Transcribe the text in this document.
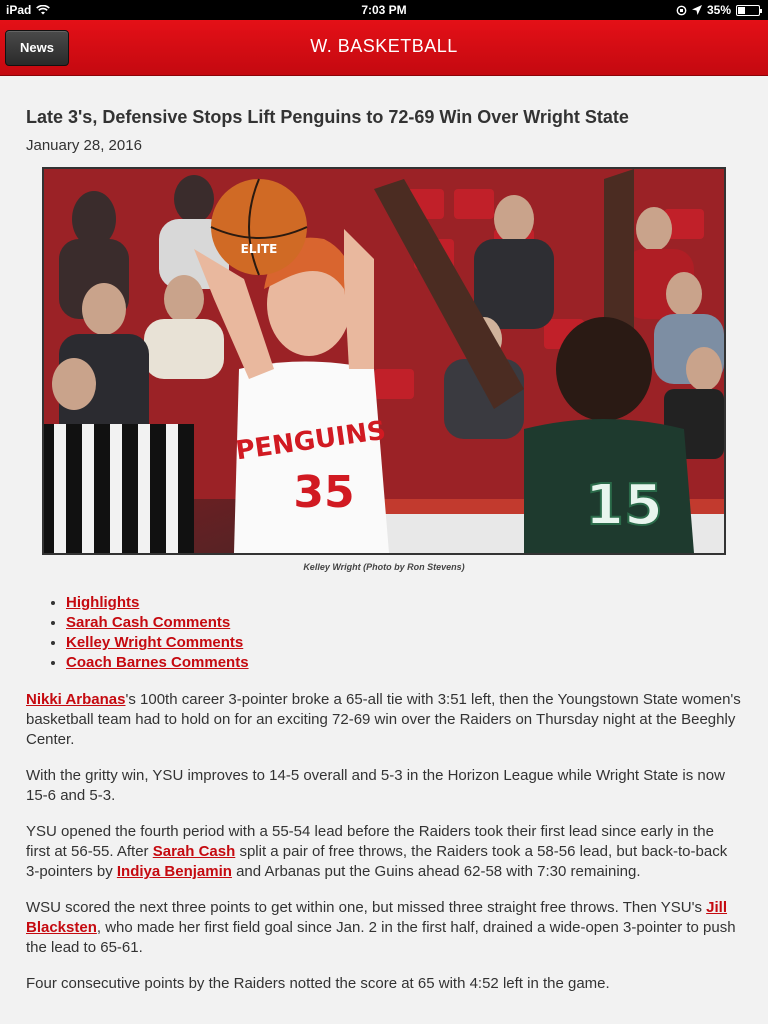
iPad	7:03 PM	35%
News	W. BASKETBALL
Late 3's, Defensive Stops Lift Penguins to 72-69 Win Over Wright State
January 28, 2016
PENGUINS
35
ELITE
15
Kelley Wright (Photo by Ron Stevens)
• Highlights
• Sarah Cash Comments
• Kelley Wright Comments
• Coach Barnes Comments

Nikki Arbanas's 100th career 3-pointer broke a 65-all tie with 3:51 left, then the Youngstown State women's basketball team had to hold on for an exciting 72-69 win over the Raiders on Thursday night at the Beeghly Center.

With the gritty win, YSU improves to 14-5 overall and 5-3 in the Horizon League while Wright State is now 15-6 and 5-3.

YSU opened the fourth period with a 55-54 lead before the Raiders took their first lead since early in the first at 56-55. After Sarah Cash split a pair of free throws, the Raiders took a 58-56 lead, but back-to-back 3-pointers by Indiya Benjamin and Arbanas put the Guins ahead 62-58 with 7:30 remaining.

WSU scored the next three points to get within one, but missed three straight free throws. Then YSU's Jill Blacksten, who made her first field goal since Jan. 2 in the first half, drained a wide-open 3-pointer to push the lead to 65-61.

Four consecutive points by the Raiders notted the score at 65 with 4:52 left in the game.
